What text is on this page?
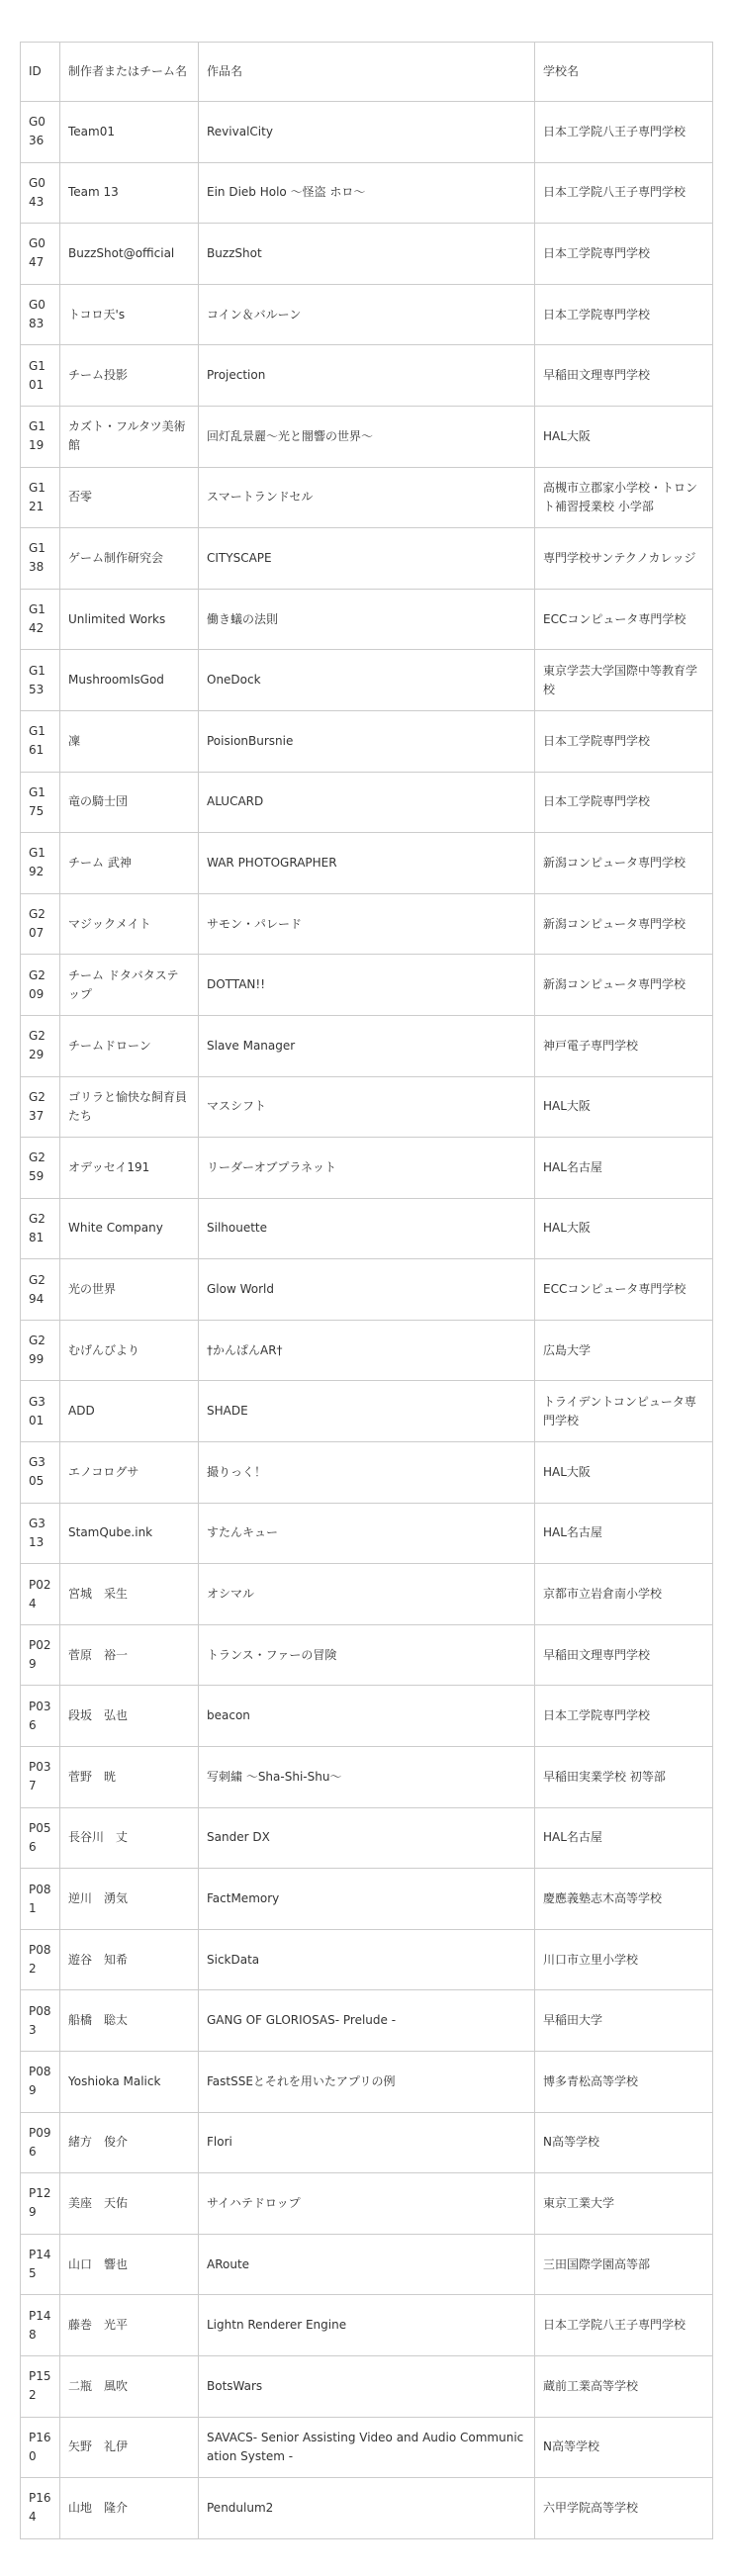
ID	制作者またはチーム名	作品名	学校名
G036	Team01	RevivalCity	日本工学院八王子専門学校
G043	Team 13	Ein Dieb Holo ～怪盗 ホロ～	日本工学院八王子専門学校
G047	BuzzShot@official	BuzzShot	日本工学院専門学校
G083	トコロ天's	コイン＆バルーン	日本工学院専門学校
G101	チーム投影	Projection	早稲田文理専門学校
G119	カズト・フルタツ美術館	回灯乱景麗～光と闇響の世界～	HAL大阪
G121	否零	スマートランドセル	高槻市立郡家小学校・トロント補習授業校 小学部
G138	ゲーム制作研究会	CITYSCAPE	専門学校サンテクノカレッジ
G142	Unlimited Works	働き蟻の法則	ECCコンピュータ専門学校
G153	MushroomIsGod	OneDock	東京学芸大学国際中等教育学校
G161	凜	PoisionBursnie	日本工学院専門学校
G175	竜の騎士団	ALUCARD	日本工学院専門学校
G192	チーム 武神	WAR PHOTOGRAPHER	新潟コンピュータ専門学校
G207	マジックメイト	サモン・パレード	新潟コンピュータ専門学校
G209	チーム ドタバタステップ	DOTTAN!!	新潟コンピュータ専門学校
G229	チームドローン	Slave Manager	神戸電子専門学校
G237	ゴリラと愉快な飼育員たち	マスシフト	HAL大阪
G259	オデッセイ191	リーダーオブプラネット	HAL名古屋
G281	White Company	Silhouette	HAL大阪
G294	光の世界	Glow World	ECCコンピュータ専門学校
G299	むげんびより	†かんぱんAR†	広島大学
G301	ADD	SHADE	トライデントコンピュータ専門学校
G305	エノコログサ	撮りっく！	HAL大阪
G313	StamQube.ink	すたんキュー	HAL名古屋
P024	宮城　采生	オシマル	京都市立岩倉南小学校
P029	菅原　裕一	トランス・ファーの冒険	早稲田文理専門学校
P036	段坂　弘也	beacon	日本工学院専門学校
P037	菅野　晄	写刺繍 ～Sha-Shi-Shu～	早稲田実業学校 初等部
P056	長谷川　丈	Sander DX	HAL名古屋
P081	逆川　湧気	FactMemory	慶應義塾志木高等学校
P082	遊谷　知希	SickData	川口市立里小学校
P083	船橋　聡太	GANG OF GLORIOSAS- Prelude -	早稲田大学
P089	Yoshioka Malick	FastSSEとそれを用いたアプリの例	博多青松高等学校
P096	緒方　俊介	Flori	N高等学校
P129	美座　天佑	サイハテドロップ	東京工業大学
P145	山口　響也	ARoute	三田国際学園高等部
P148	藤巻　光平	Lightn Renderer Engine	日本工学院八王子専門学校
P152	二瓶　風吹	BotsWars	蔵前工業高等学校
P160	矢野　礼伊	SAVACS- Senior Assisting Video and Audio Communication System -	N高等学校
P164	山地　隆介	Pendulum2	六甲学院高等学校
